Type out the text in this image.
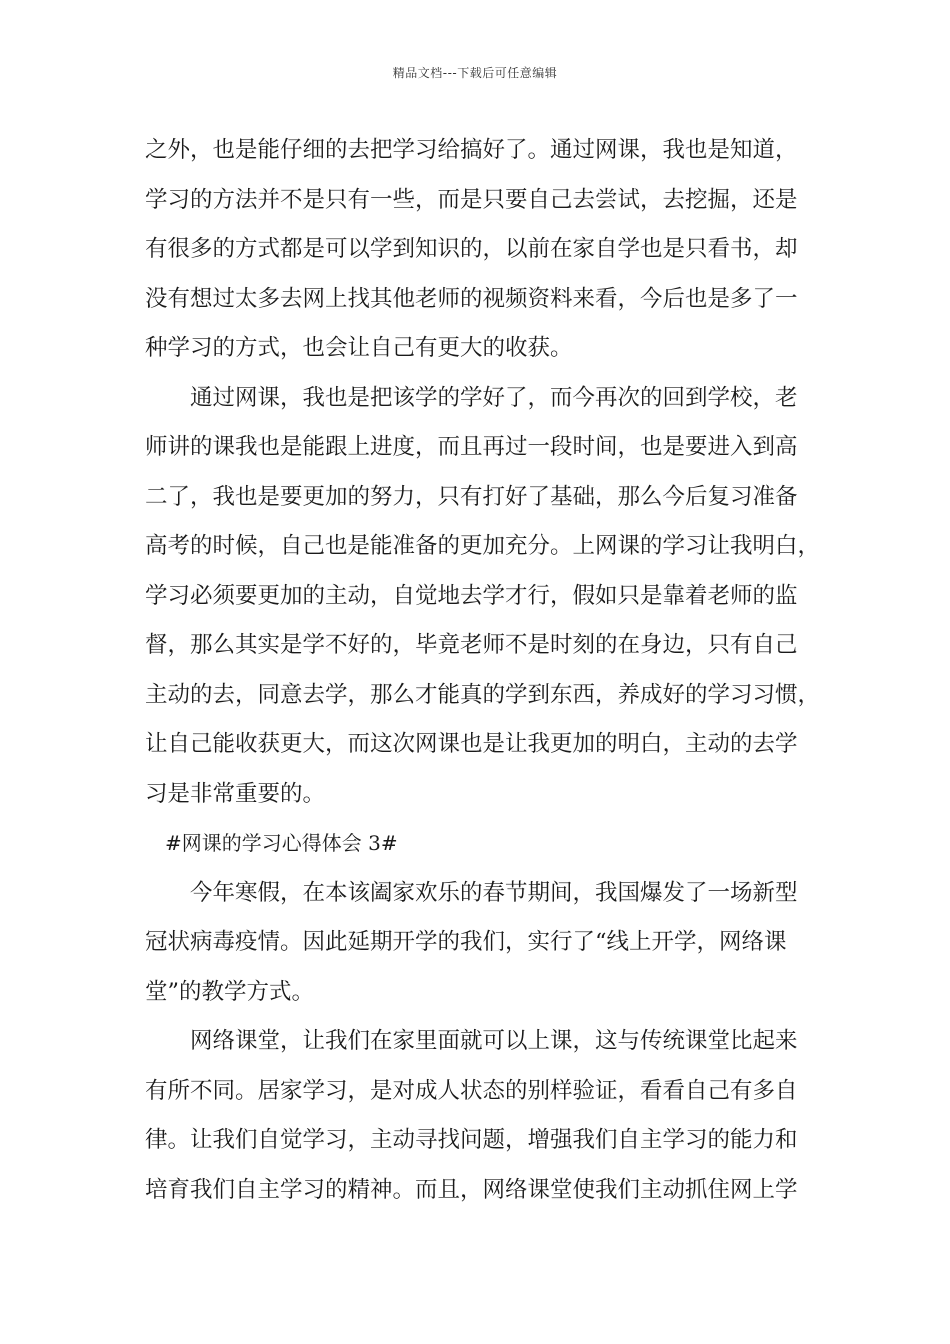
精品文档---下载后可任意编辑
之外，也是能仔细的去把学习给搞好了。通过网课，我也是知道，
学习的方法并不是只有一些，而是只要自己去尝试，去挖掘，还是
有很多的方式都是可以学到知识的，以前在家自学也是只看书，却
没有想过太多去网上找其他老师的视频资料来看，今后也是多了一
种学习的方式，也会让自己有更大的收获。
通过网课，我也是把该学的学好了，而今再次的回到学校，老
师讲的课我也是能跟上进度，而且再过一段时间，也是要进入到高
二了，我也是要更加的努力，只有打好了基础，那么今后复习准备
高考的时候，自己也是能准备的更加充分。上网课的学习让我明白，
学习必须要更加的主动，自觉地去学才行，假如只是靠着老师的监
督，那么其实是学不好的，毕竟老师不是时刻的在身边，只有自己
主动的去，同意去学，那么才能真的学到东西，养成好的学习习惯，
让自己能收获更大，而这次网课也是让我更加的明白，主动的去学
习是非常重要的。
#网课的学习心得体会 3#
今年寒假，在本该阖家欢乐的春节期间，我国爆发了一场新型
冠状病毒疫情。因此延期开学的我们，实行了“线上开学，网络课
堂”的教学方式。
网络课堂，让我们在家里面就可以上课，这与传统课堂比起来
有所不同。居家学习，是对成人状态的别样验证，看看自己有多自
律。让我们自觉学习，主动寻找问题，增强我们自主学习的能力和
培育我们自主学习的精神。而且，网络课堂使我们主动抓住网上学
